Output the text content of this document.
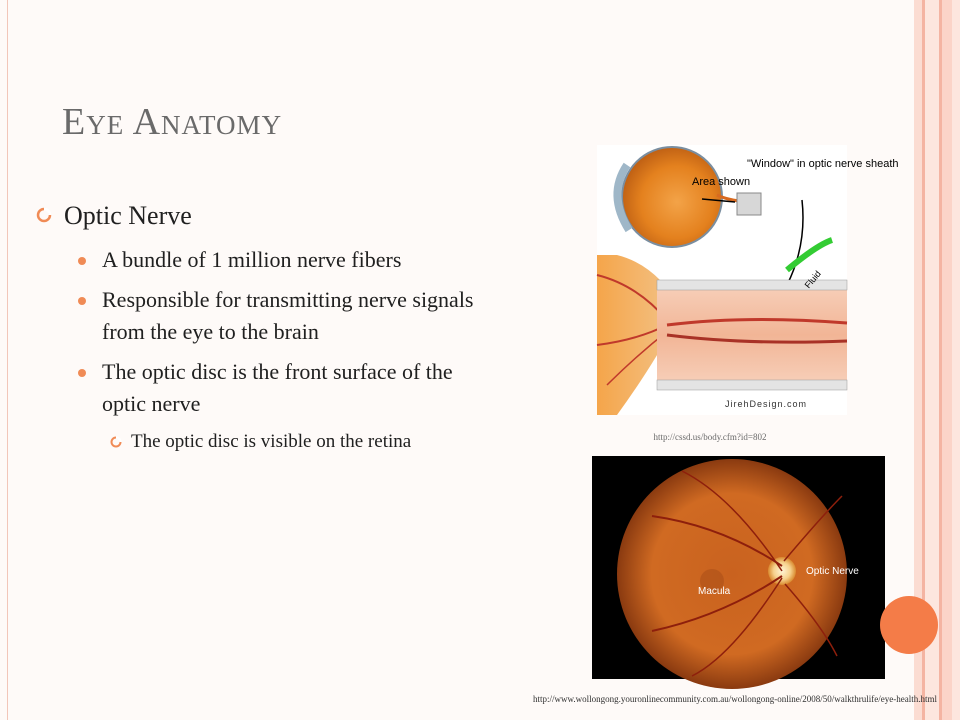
Eye Anatomy
Optic Nerve
A bundle of 1 million nerve fibers
Responsible for transmitting nerve signals from the eye to the brain
The optic disc is the front surface of the optic nerve
The optic disc is visible on the retina
Area shown
"Window" in optic nerve sheath
Fluid
JirehDesign.com
http://cssd.us/body.cfm?id=802
Optic Nerve
Macula
http://www.wollongong.youronlinecommunity.com.au/wollongong-online/2008/50/walkthrulife/eye-health.html
